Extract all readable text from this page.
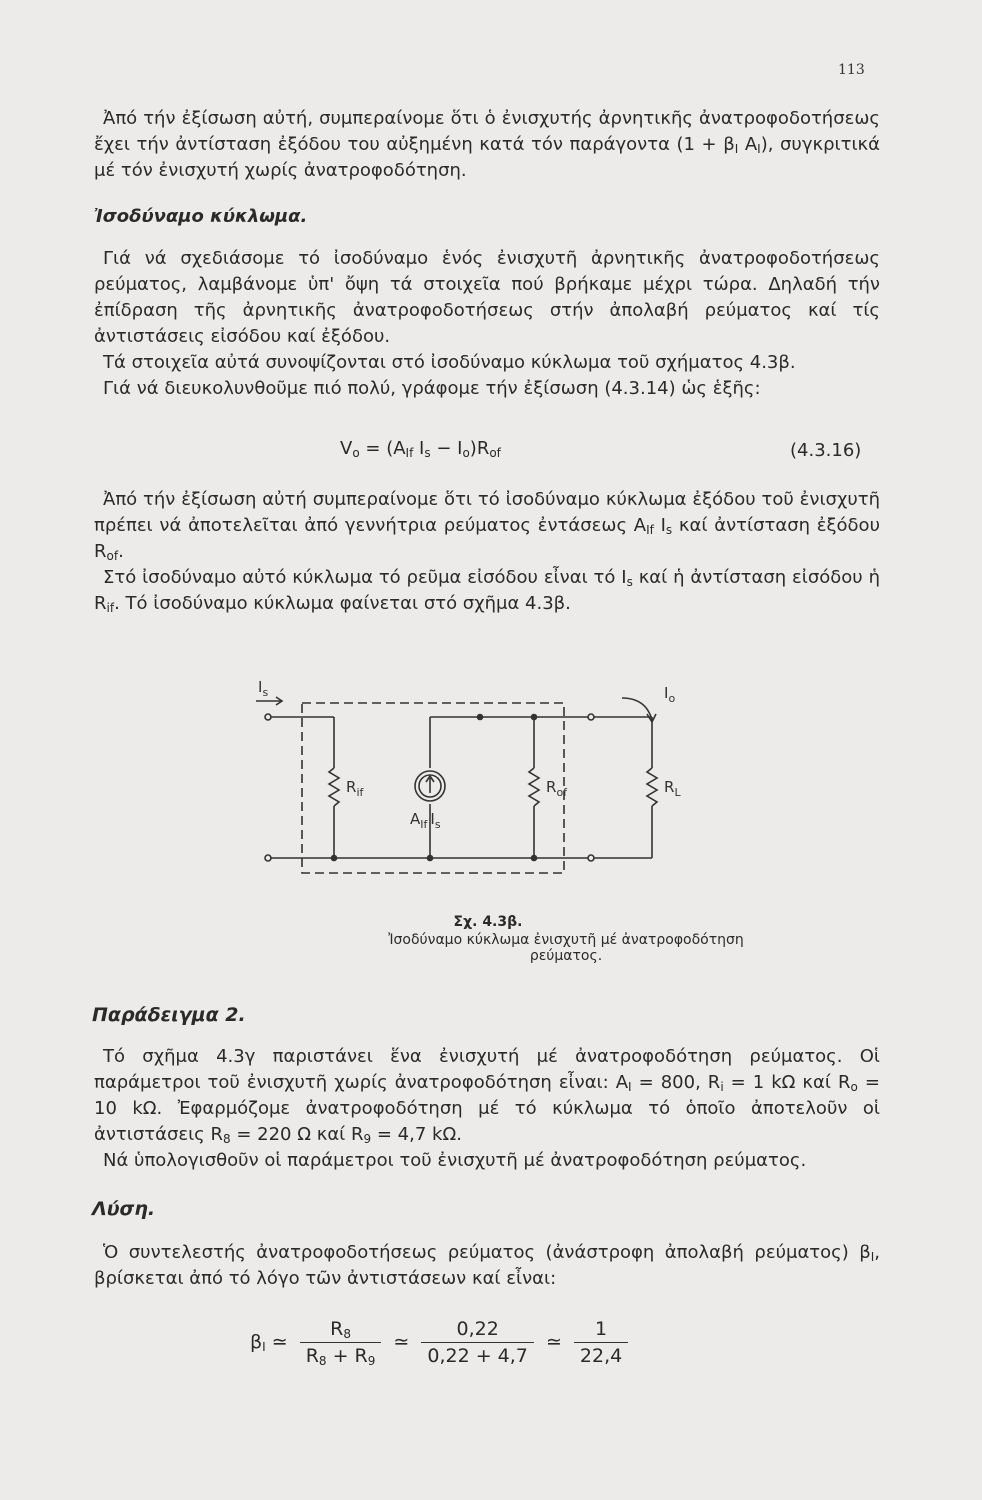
113

Ἀπό τήν ἐξίσωση αὐτή, συμπεραίνομε ὅτι ὁ ἐνισχυτής ἀρνητικῆς ἀνατροφοδοτήσεως ἔχει τήν ἀντίσταση ἐξόδου του αὐξημένη κατά τόν παράγοντα ($1 + \beta_I$ $A_I$), συγκριτικά μέ τόν ἐνισχυτή χωρίς ἀνατροφοδότηση.

Ἰσοδύναμο κύκλωμα.

Γιά νά σχεδιάσομε τό ἰσοδύναμο ἑνός ἐνισχυτῆ ἀρνητικῆς ἀνατροφοδοτήσεως ρεύματος, λαμβάνομε ὑπ' ὄψη τά στοιχεῖα πού βρήκαμε μέχρι τώρα. Δηλαδή τήν ἐπίδραση τῆς ἀρνητικῆς ἀνατροφοδοτήσεως στήν ἀπολαβή ρεύματος καί τίς ἀντιστάσεις εἰσόδου καί ἐξόδου.

Τά στοιχεῖα αὐτά συνοψίζονται στό ἰσοδύναμο κύκλωμα τοῦ σχήματος 4.3β.

Γιά νά διευκολυνθοῦμε πιό πολύ, γράφομε τήν ἐξίσωση (4.3.14) ὡς ἑξῆς:

$V_o = (A_{If}$ $I_s - I_o)R_{of}$	(4.3.16)

Ἀπό τήν ἐξίσωση αὐτή συμπεραίνομε ὅτι τό ἰσοδύναμο κύκλωμα ἐξόδου τοῦ ἐνισχυτῆ πρέπει νά ἀποτελεῖται ἀπό γεννήτρια ρεύματος ἐντάσεως $A_{If}$ $I_s$ καί ἀντίσταση ἐξόδου $R_{of}$.

Στό ἰσοδύναμο αὐτό κύκλωμα τό ρεῦμα εἰσόδου εἶναι τό $I_s$ καί ἡ ἀντίσταση εἰσόδου ἡ $R_{if}$. Τό ἰσοδύναμο κύκλωμα φαίνεται στό σχῆμα 4.3β.

$I_s$	$I_o$
$R_{if}$	$R_{of}$	$R_L$
$A_{If}$ $I_s$
Σχ. 4.3β.
Ἰσοδύναμο κύκλωμα ἐνισχυτῆ μέ ἀνατροφοδότηση ρεύματος.

Παράδειγμα 2.

Τό σχῆμα 4.3γ παριστάνει ἕνα ἐνισχυτή μέ ἀνατροφοδότηση ρεύματος. Οἱ παράμετροι τοῦ ἐνισχυτῆ χωρίς ἀνατροφοδότηση εἶναι: $A_I = 800$, $R_i = 1$ kΩ καί $R_o = 10$ kΩ. Ἐφαρμόζομε ἀνατροφοδότηση μέ τό κύκλωμα τό ὁποῖο ἀποτελοῦν οἱ ἀντιστάσεις $R_8 = 220$ Ω καί $R_9 = 4,7$ kΩ.

Νά ὑπολογισθοῦν οἱ παράμετροι τοῦ ἐνισχυτῆ μέ ἀνατροφοδότηση ρεύματος.

Λύση.

Ὁ συντελεστής ἀνατροφοδοτήσεως ρεύματος (ἀνάστροφη ἀπολαβή ρεύματος) $\beta_I$, βρίσκεται ἀπό τό λόγο τῶν ἀντιστάσεων καί εἶναι:

$\beta_I$ ≃ $\frac{R_8}{R_8 + R_9}$ ≃ $\frac{0,22}{0,22 + 4,7}$ ≃ $\frac{1}{22,4}$
